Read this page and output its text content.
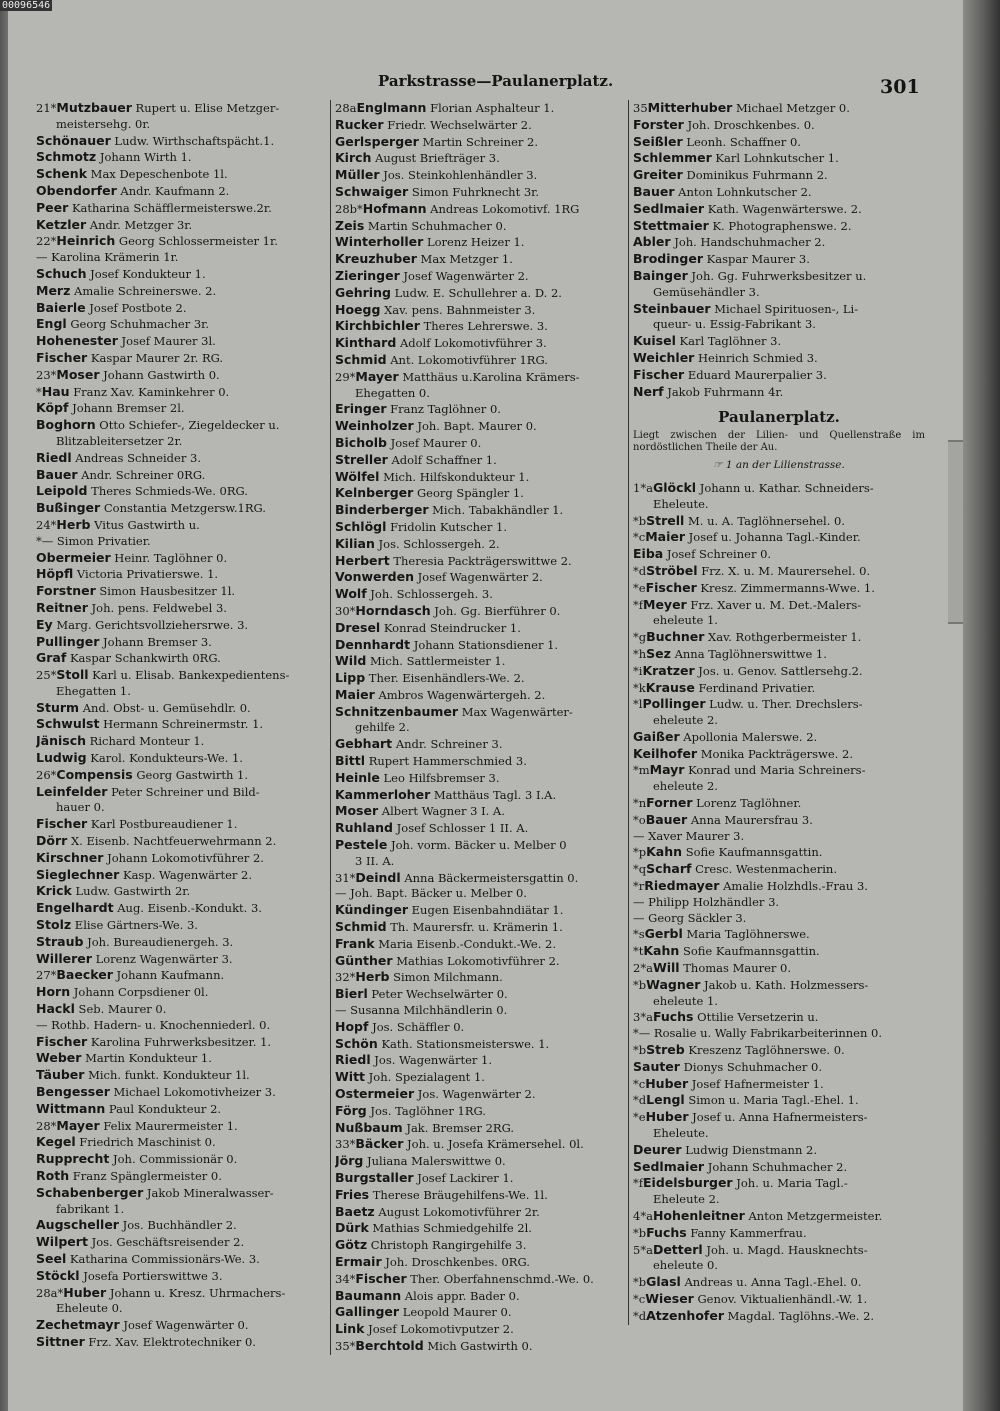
Parkstrasse—Paulanerplatz.	301
21*Mutzbauer Rupert u. Elise Metzger-
meistersehg. 0r.
Schönauer Ludw. Wirthschaftspächt.1.
Schmotz Johann Wirth 1.
Schenk Max Depeschenbote 1l.
Obendorfer Andr. Kaufmann 2.
Peer Katharina Schäfflermeisterswe.2r.
Ketzler Andr. Metzger 3r.
22*Heinrich Georg Schlossermeister 1r.
— Karolina Krämerin 1r.
Schuch Josef Kondukteur 1.
Merz Amalie Schreinerswe. 2.
Baierle Josef Postbote 2.
Engl Georg Schuhmacher 3r.
Hohenester Josef Maurer 3l.
Fischer Kaspar Maurer 2r. RG.
23*Moser Johann Gastwirth 0.
*Hau Franz Xav. Kaminkehrer 0.
Köpf Johann Bremser 2l.
Boghorn Otto Schiefer-, Ziegeldecker u.
Blitzableitersetzer 2r.
Riedl Andreas Schneider 3.
Bauer Andr. Schreiner 0RG.
Leipold Theres Schmieds-We. 0RG.
Bußinger Constantia Metzgersw.1RG.
24*Herb Vitus Gastwirth u.
*— Simon Privatier.
Obermeier Heinr. Taglöhner 0.
Höpfl Victoria Privatierswe. 1.
Forstner Simon Hausbesitzer 1l.
Reitner Joh. pens. Feldwebel 3.
Ey Marg. Gerichtsvollziehersrwe. 3.
Pullinger Johann Bremser 3.
Graf Kaspar Schankwirth 0RG.
25*Stoll Karl u. Elisab. Bankexpedientens-
Ehegatten 1.
Sturm And. Obst- u. Gemüsehdlr. 0.
Schwulst Hermann Schreinermstr. 1.
Jänisch Richard Monteur 1.
Ludwig Karol. Kondukteurs-We. 1.
26*Compensis Georg Gastwirth 1.
Leinfelder Peter Schreiner und Bild-
hauer 0.
Fischer Karl Postbureaudiener 1.
Dörr X. Eisenb. Nachtfeuerwehrmann 2.
Kirschner Johann Lokomotivführer 2.
Sieglechner Kasp. Wagenwärter 2.
Krick Ludw. Gastwirth 2r.
Engelhardt Aug. Eisenb.-Kondukt. 3.
Stolz Elise Gärtners-We. 3.
Straub Joh. Bureaudienergeh. 3.
Willerer Lorenz Wagenwärter 3.
27*Baecker Johann Kaufmann.
Horn Johann Corpsdiener 0l.
Hackl Seb. Maurer 0.
— Rothb. Hadern- u. Knochenniederl. 0.
Fischer Karolina Fuhrwerksbesitzer. 1.
Weber Martin Kondukteur 1.
Täuber Mich. funkt. Kondukteur 1l.
Bengesser Michael Lokomotivheizer 3.
Wittmann Paul Kondukteur 2.
28*Mayer Felix Maurermeister 1.
Kegel Friedrich Maschinist 0.
Rupprecht Joh. Commissionär 0.
Roth Franz Spänglermeister 0.
Schabenberger Jakob Mineralwasser-
fabrikant 1.
Augscheller Jos. Buchhändler 2.
Wilpert Jos. Geschäftsreisender 2.
Seel Katharina Commissionärs-We. 3.
Stöckl Josefa Portierswittwe 3.
28a*Huber Johann u. Kresz. Uhrmachers-
Eheleute 0.
Zechetmayr Josef Wagenwärter 0.
Sittner Frz. Xav. Elektrotechniker 0.
28aEnglmann Florian Asphalteur 1.
Rucker Friedr. Wechselwärter 2.
Gerlsperger Martin Schreiner 2.
Kirch August Briefträger 3.
Müller Jos. Steinkohlenhändler 3.
Schwaiger Simon Fuhrknecht 3r.
28b*Hofmann Andreas Lokomotivf. 1RG
Zeis Martin Schuhmacher 0.
Winterholler Lorenz Heizer 1.
Kreuzhuber Max Metzger 1.
Zieringer Josef Wagenwärter 2.
Gehring Ludw. E. Schullehrer a. D. 2.
Hoegg Xav. pens. Bahnmeister 3.
Kirchbichler Theres Lehrerswe. 3.
Kinthard Adolf Lokomotivführer 3.
Schmid Ant. Lokomotivführer 1RG.
29*Mayer Matthäus u.Karolina Krämers-
Ehegatten 0.
Eringer Franz Taglöhner 0.
Weinholzer Joh. Bapt. Maurer 0.
Bicholb Josef Maurer 0.
Streller Adolf Schaffner 1.
Wölfel Mich. Hilfskondukteur 1.
Kelnberger Georg Spängler 1.
Binderberger Mich. Tabakhändler 1.
Schlögl Fridolin Kutscher 1.
Kilian Jos. Schlossergeh. 2.
Herbert Theresia Packträgerswittwe 2.
Vonwerden Josef Wagenwärter 2.
Wolf Joh. Schlossergeh. 3.
30*Horndasch Joh. Gg. Bierführer 0.
Dresel Konrad Steindrucker 1.
Dennhardt Johann Stationsdiener 1.
Wild Mich. Sattlermeister 1.
Lipp Ther. Eisenhändlers-We. 2.
Maier Ambros Wagenwärtergeh. 2.
Schnitzenbaumer Max Wagenwärter-
gehilfe 2.
Gebhart Andr. Schreiner 3.
Bittl Rupert Hammerschmied 3.
Heinle Leo Hilfsbremser 3.
Kammerloher Matthäus Tagl. 3 I.A.
Moser Albert Wagner 3 I. A.
Ruhland Josef Schlosser 1 II. A.
Pestele Joh. vorm. Bäcker u. Melber 0
3 II. A.
31*Deindl Anna Bäckermeistersgattin 0.
— Joh. Bapt. Bäcker u. Melber 0.
Kündinger Eugen Eisenbahndiätar 1.
Schmid Th. Maurersfr. u. Krämerin 1.
Frank Maria Eisenb.-Condukt.-We. 2.
Günther Mathias Lokomotivführer 2.
32*Herb Simon Milchmann.
Bierl Peter Wechselwärter 0.
— Susanna Milchhändlerin 0.
Hopf Jos. Schäffler 0.
Schön Kath. Stationsmeisterswe. 1.
Riedl Jos. Wagenwärter 1.
Witt Joh. Spezialagent 1.
Ostermeier Jos. Wagenwärter 2.
Förg Jos. Taglöhner 1RG.
Nußbaum Jak. Bremser 2RG.
33*Bäcker Joh. u. Josefa Krämersehel. 0l.
Jörg Juliana Malerswittwe 0.
Burgstaller Josef Lackirer 1.
Fries Therese Bräugehilfens-We. 1l.
Baetz August Lokomotivführer 2r.
Dürk Mathias Schmiedgehilfe 2l.
Götz Christoph Rangirgehilfe 3.
Ermair Joh. Droschkenbes. 0RG.
34*Fischer Ther. Oberfahnenschmd.-We. 0.
Baumann Alois appr. Bader 0.
Gallinger Leopold Maurer 0.
Link Josef Lokomotivputzer 2.
35*Berchtold Mich Gastwirth 0.
35Mitterhuber Michael Metzger 0.
Forster Joh. Droschkenbes. 0.
Seißler Leonh. Schaffner 0.
Schlemmer Karl Lohnkutscher 1.
Greiter Dominikus Fuhrmann 2.
Bauer Anton Lohnkutscher 2.
Sedlmaier Kath. Wagenwärterswe. 2.
Stettmaier K. Photographenswe. 2.
Abler Joh. Handschuhmacher 2.
Brodinger Kaspar Maurer 3.
Bainger Joh. Gg. Fuhrwerksbesitzer u.
Gemüsehändler 3.
Steinbauer Michael Spirituosen-, Li-
queur- u. Essig-Fabrikant 3.
Kuisel Karl Taglöhner 3.
Weichler Heinrich Schmied 3.
Fischer Eduard Maurerpalier 3.
Nerf Jakob Fuhrmann 4r.
Paulanerplatz.
Liegt zwischen der Lilien- und Quellenstraße im nordöstlichen Theile der Au.
☞ 1 an der Lilienstrasse.
1*aGlöckl Johann u. Kathar. Schneiders-
Eheleute.
*bStrell M. u. A. Taglöhnersehel. 0.
*cMaier Josef u. Johanna Tagl.-Kinder.
Eiba Josef Schreiner 0.
*dStröbel Frz. X. u. M. Maurersehel. 0.
*eFischer Kresz. Zimmermanns-Wwe. 1.
*fMeyer Frz. Xaver u. M. Det.-Malers-
eheleute 1.
*gBuchner Xav. Rothgerbermeister 1.
*hSez Anna Taglöhnerswittwe 1.
*iKratzer Jos. u. Genov. Sattlersehg.2.
*kKrause Ferdinand Privatier.
*lPollinger Ludw. u. Ther. Drechslers-
eheleute 2.
Gaißer Apollonia Malerswe. 2.
Keilhofer Monika Packträgerswe. 2.
*mMayr Konrad und Maria Schreiners-
eheleute 2.
*nForner Lorenz Taglöhner.
*oBauer Anna Maurersfrau 3.
— Xaver Maurer 3.
*pKahn Sofie Kaufmannsgattin.
*qScharf Cresc. Westenmacherin.
*rRiedmayer Amalie Holzhdls.-Frau 3.
— Philipp Holzhändler 3.
— Georg Säckler 3.
*sGerbl Maria Taglöhnerswe.
*tKahn Sofie Kaufmannsgattin.
2*aWill Thomas Maurer 0.
*bWagner Jakob u. Kath. Holzmessers-
eheleute 1.
3*aFuchs Ottilie Versetzerin u.
*— Rosalie u. Wally Fabrikarbeiterinnen 0.
*bStreb Kreszenz Taglöhnerswe. 0.
Sauter Dionys Schuhmacher 0.
*cHuber Josef Hafnermeister 1.
*dLengl Simon u. Maria Tagl.-Ehel. 1.
*eHuber Josef u. Anna Hafnermeisters-
Eheleute.
Deurer Ludwig Dienstmann 2.
Sedlmaier Johann Schuhmacher 2.
*fEidelsburger Joh. u. Maria Tagl.-
Eheleute 2.
4*aHohenleitner Anton Metzgermeister.
*bFuchs Fanny Kammerfrau.
5*aDetterl Joh. u. Magd. Hausknechts-
eheleute 0.
*bGlasl Andreas u. Anna Tagl.-Ehel. 0.
*cWieser Genov. Viktualienhändl.-W. 1.
*dAtzenhofer Magdal. Taglöhns.-We. 2.
00096546
